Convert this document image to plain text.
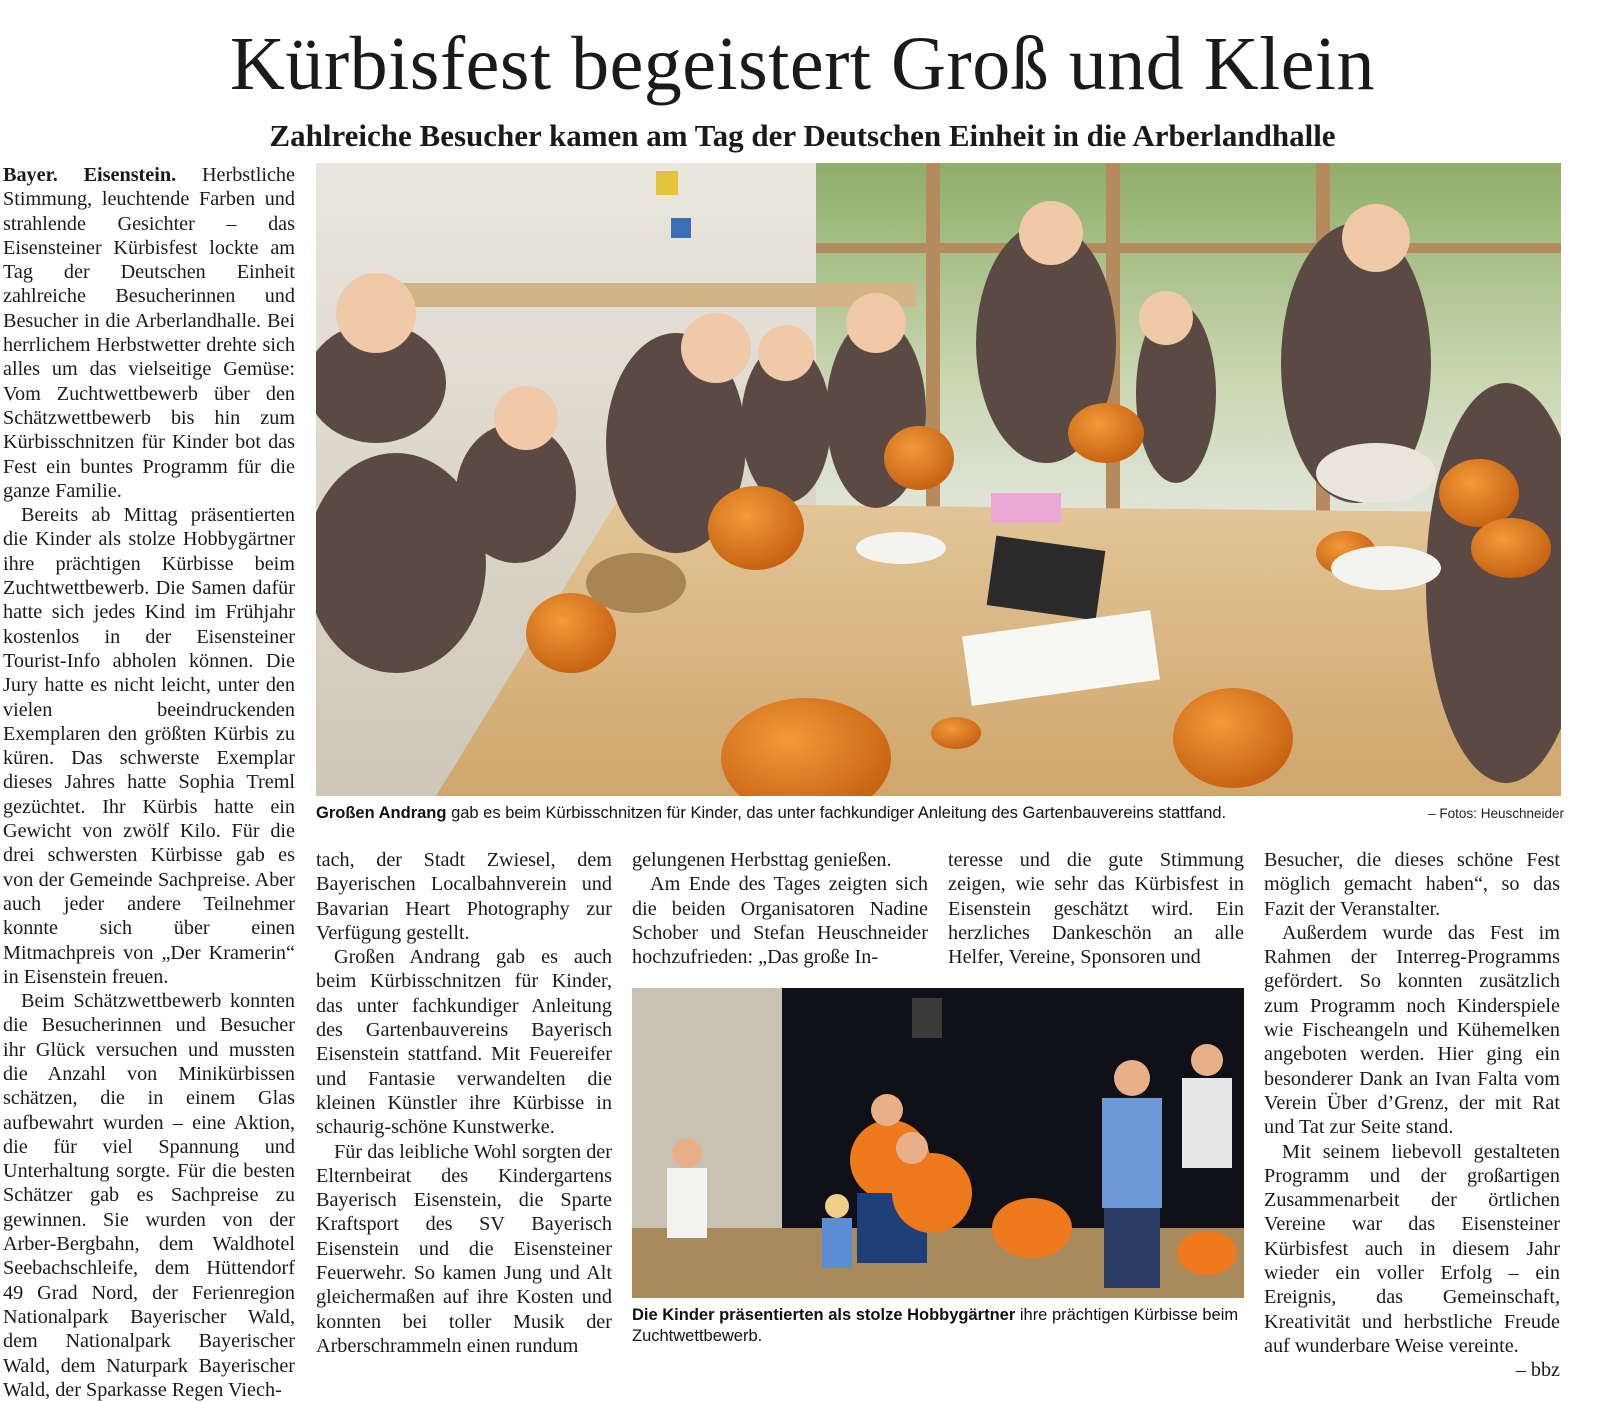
Kürbisfest begeistert Groß und Klein
Zahlreiche Besucher kamen am Tag der Deutschen Einheit in die Arberlandhalle

Bayer. Eisenstein. Herbstliche Stimmung, leuchtende Farben und strahlende Gesichter – das Eisensteiner Kürbisfest lockte am Tag der Deutschen Einheit zahlreiche Besucherinnen und Besucher in die Arberlandhalle. Bei herrlichem Herbstwetter drehte sich alles um das vielseitige Gemüse: Vom Zuchtwettbewerb über den Schätzwettbewerb bis hin zum Kürbisschnitzen für Kinder bot das Fest ein buntes Programm für die ganze Familie.

Bereits ab Mittag präsentierten die Kinder als stolze Hobbygärtner ihre prächtigen Kürbisse beim Zuchtwettbewerb. Die Samen dafür hatte sich jedes Kind im Frühjahr kostenlos in der Eisensteiner Tourist-Info abholen können. Die Jury hatte es nicht leicht, unter den vielen beeindruckenden Exemplaren den größten Kürbis zu küren. Das schwerste Exemplar dieses Jahres hatte Sophia Treml gezüchtet. Ihr Kürbis hatte ein Gewicht von zwölf Kilo. Für die drei schwersten Kürbisse gab es von der Gemeinde Sachpreise. Aber auch jeder andere Teilnehmer konnte sich über einen Mitmachpreis von „Der Kramerin“ in Eisenstein freuen.

Beim Schätzwettbewerb konnten die Besucherinnen und Besucher ihr Glück versuchen und mussten die Anzahl von Minikürbissen schätzen, die in einem Glas aufbewahrt wurden – eine Aktion, die für viel Spannung und Unterhaltung sorgte. Für die besten Schätzer gab es Sachpreise zu gewinnen. Sie wurden von der Arber-Bergbahn, dem Waldhotel Seebachschleife, dem Hüttendorf 49 Grad Nord, der Ferienregion Nationalpark Bayerischer Wald, dem Nationalpark Bayerischer Wald, dem Naturpark Bayerischer Wald, der Sparkasse Regen Viech-

Großen Andrang gab es beim Kürbisschnitzen für Kinder, das unter fachkundiger Anleitung des Gartenbauvereins stattfand.	– Fotos: Heuschneider

tach, der Stadt Zwiesel, dem Bayerischen Localbahnverein und Bavarian Heart Photography zur Verfügung gestellt.

Großen Andrang gab es auch beim Kürbisschnitzen für Kinder, das unter fachkundiger Anleitung des Gartenbauvereins Bayerisch Eisenstein stattfand. Mit Feuereifer und Fantasie verwandelten die kleinen Künstler ihre Kürbisse in schaurig-schöne Kunstwerke.

Für das leibliche Wohl sorgten der Elternbeirat des Kindergartens Bayerisch Eisenstein, die Sparte Kraftsport des SV Bayerisch Eisenstein und die Eisensteiner Feuerwehr. So kamen Jung und Alt gleichermaßen auf ihre Kosten und konnten bei toller Musik der Arberschrammeln einen rundum

gelungenen Herbsttag genießen.

Am Ende des Tages zeigten sich die beiden Organisatoren Nadine Schober und Stefan Heuschneider hochzufrieden: „Das große In-

teresse und die gute Stimmung zeigen, wie sehr das Kürbisfest in Eisenstein geschätzt wird. Ein herzliches Dankeschön an alle Helfer, Vereine, Sponsoren und

Die Kinder präsentierten als stolze Hobbygärtner ihre prächtigen Kürbisse beim Zuchtwettbewerb.

Besucher, die dieses schöne Fest möglich gemacht haben“, so das Fazit der Veranstalter.

Außerdem wurde das Fest im Rahmen der Interreg-Programms gefördert. So konnten zusätzlich zum Programm noch Kinderspiele wie Fischeangeln und Kühemelken angeboten werden. Hier ging ein besonderer Dank an Ivan Falta vom Verein Über d’Grenz, der mit Rat und Tat zur Seite stand.

Mit seinem liebevoll gestalteten Programm und der großartigen Zusammenarbeit der örtlichen Vereine war das Eisensteiner Kürbisfest auch in diesem Jahr wieder ein voller Erfolg – ein Ereignis, das Gemeinschaft, Kreativität und herbstliche Freude auf wunderbare Weise vereinte.
– bbz
